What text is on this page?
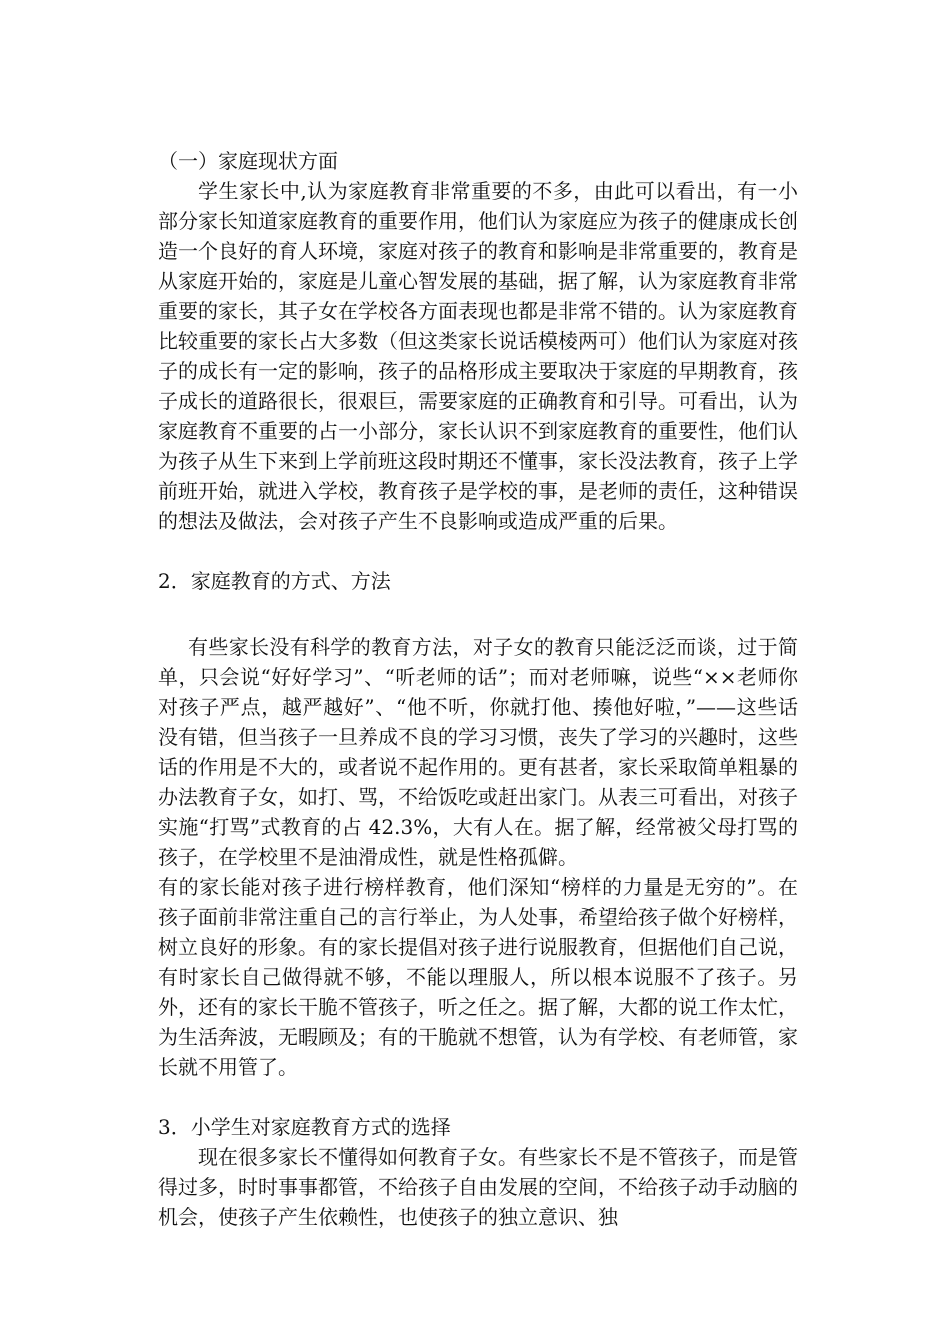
（一）家庭现状方面

学生家长中,认为家庭教育非常重要的不多，由此可以看出，有一小部分家长知道家庭教育的重要作用，他们认为家庭应为孩子的健康成长创造一个良好的育人环境，家庭对孩子的教育和影响是非常重要的，教育是从家庭开始的，家庭是儿童心智发展的基础，据了解，认为家庭教育非常重要的家长，其子女在学校各方面表现也都是非常不错的。认为家庭教育比较重要的家长占大多数（但这类家长说话模棱两可）他们认为家庭对孩子的成长有一定的影响，孩子的品格形成主要取决于家庭的早期教育，孩子成长的道路很长，很艰巨，需要家庭的正确教育和引导。可看出，认为家庭教育不重要的占一小部分，家长认识不到家庭教育的重要性，他们认为孩子从生下来到上学前班这段时期还不懂事，家长没法教育，孩子上学前班开始，就进入学校，教育孩子是学校的事，是老师的责任，这种错误的想法及做法，会对孩子产生不良影响或造成严重的后果。

2．家庭教育的方式、方法

有些家长没有科学的教育方法，对子女的教育只能泛泛而谈，过于简单，只会说“好好学习”、“听老师的话”；而对老师嘛，说些“××老师你对孩子严点，越严越好”、“他不听，你就打他、揍他好啦，”——这些话没有错，但当孩子一旦养成不良的学习习惯，丧失了学习的兴趣时，这些话的作用是不大的，或者说不起作用的。更有甚者，家长采取简单粗暴的办法教育子女，如打、骂，不给饭吃或赶出家门。从表三可看出，对孩子实施“打骂”式教育的占 42.3%，大有人在。据了解，经常被父母打骂的孩子，在学校里不是油滑成性，就是性格孤僻。

有的家长能对孩子进行榜样教育，他们深知“榜样的力量是无穷的”。在孩子面前非常注重自己的言行举止，为人处事，希望给孩子做个好榜样，树立良好的形象。有的家长提倡对孩子进行说服教育，但据他们自己说，有时家长自己做得就不够，不能以理服人，所以根本说服不了孩子。另外，还有的家长干脆不管孩子，听之任之。据了解，大都的说工作太忙，为生活奔波，无暇顾及；有的干脆就不想管，认为有学校、有老师管，家长就不用管了。

3．小学生对家庭教育方式的选择

现在很多家长不懂得如何教育子女。有些家长不是不管孩子，而是管得过多，时时事事都管，不给孩子自由发展的空间，不给孩子动手动脑的机会，使孩子产生依赖性，也使孩子的独立意识、独
